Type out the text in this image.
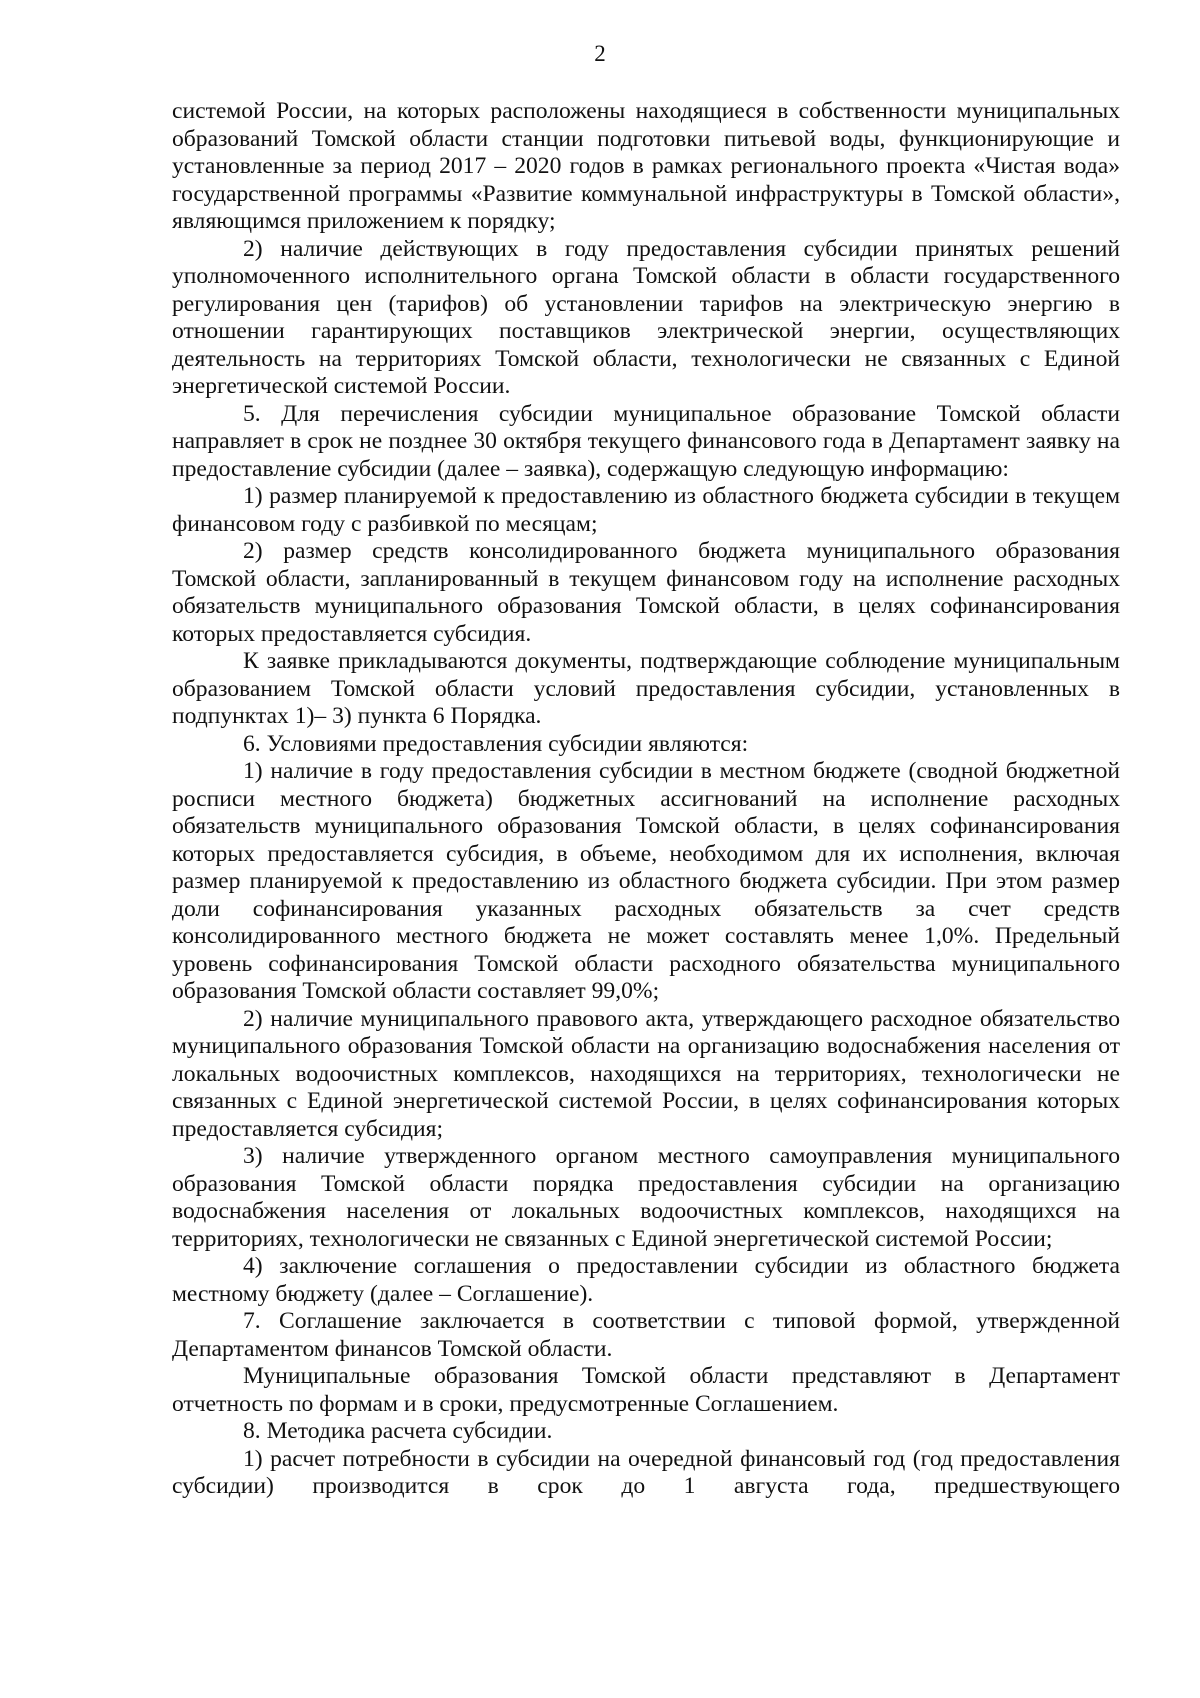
2

системой России, на которых расположены находящиеся в собственности муниципальных образований Томской области станции подготовки питьевой воды, функционирующие и установленные за период 2017 – 2020 годов в рамках регионального проекта «Чистая вода» государственной программы «Развитие коммунальной инфраструктуры в Томской области», являющимся приложением к порядку;

2) наличие действующих в году предоставления субсидии принятых решений уполномоченного исполнительного органа Томской области в области государственного регулирования цен (тарифов) об установлении тарифов на электрическую энергию в отношении гарантирующих поставщиков электрической энергии, осуществляющих деятельность на территориях Томской области, технологически не связанных с Единой энергетической системой России.

5. Для перечисления субсидии муниципальное образование Томской области направляет в срок не позднее 30 октября текущего финансового года в Департамент заявку на предоставление субсидии (далее – заявка), содержащую следующую информацию:

1) размер планируемой к предоставлению из областного бюджета субсидии в текущем финансовом году с разбивкой по месяцам;

2) размер средств консолидированного бюджета муниципального образования Томской области, запланированный в текущем финансовом году на исполнение расходных обязательств муниципального образования Томской области, в целях софинансирования которых предоставляется субсидия.

К заявке прикладываются документы, подтверждающие соблюдение муниципальным образованием Томской области условий предоставления субсидии, установленных в подпунктах 1)– 3) пункта 6 Порядка.

6. Условиями предоставления субсидии являются:

1) наличие в году предоставления субсидии в местном бюджете (сводной бюджетной росписи местного бюджета) бюджетных ассигнований на исполнение расходных обязательств муниципального образования Томской области, в целях софинансирования которых предоставляется субсидия, в объеме, необходимом для их исполнения, включая размер планируемой к предоставлению из областного бюджета субсидии. При этом размер доли софинансирования указанных расходных обязательств за счет средств консолидированного местного бюджета не может составлять менее 1,0%. Предельный уровень софинансирования Томской области расходного обязательства муниципального образования Томской области составляет 99,0%;

2) наличие муниципального правового акта, утверждающего расходное обязательство муниципального образования Томской области на организацию водоснабжения населения от локальных водоочистных комплексов, находящихся на территориях, технологически не связанных с Единой энергетической системой России, в целях софинансирования которых предоставляется субсидия;

3) наличие утвержденного органом местного самоуправления муниципального образования Томской области порядка предоставления субсидии на организацию водоснабжения населения от локальных водоочистных комплексов, находящихся на территориях, технологически не связанных с Единой энергетической системой России;

4) заключение соглашения о предоставлении субсидии из областного бюджета местному бюджету (далее – Соглашение).

7. Соглашение заключается в соответствии с типовой формой, утвержденной Департаментом финансов Томской области.

Муниципальные образования Томской области представляют в Департамент отчетность по формам и в сроки, предусмотренные Соглашением.

8. Методика расчета субсидии.

1) расчет потребности в субсидии на очередной финансовый год (год предоставления субсидии) производится в срок до 1 августа года, предшествующего
